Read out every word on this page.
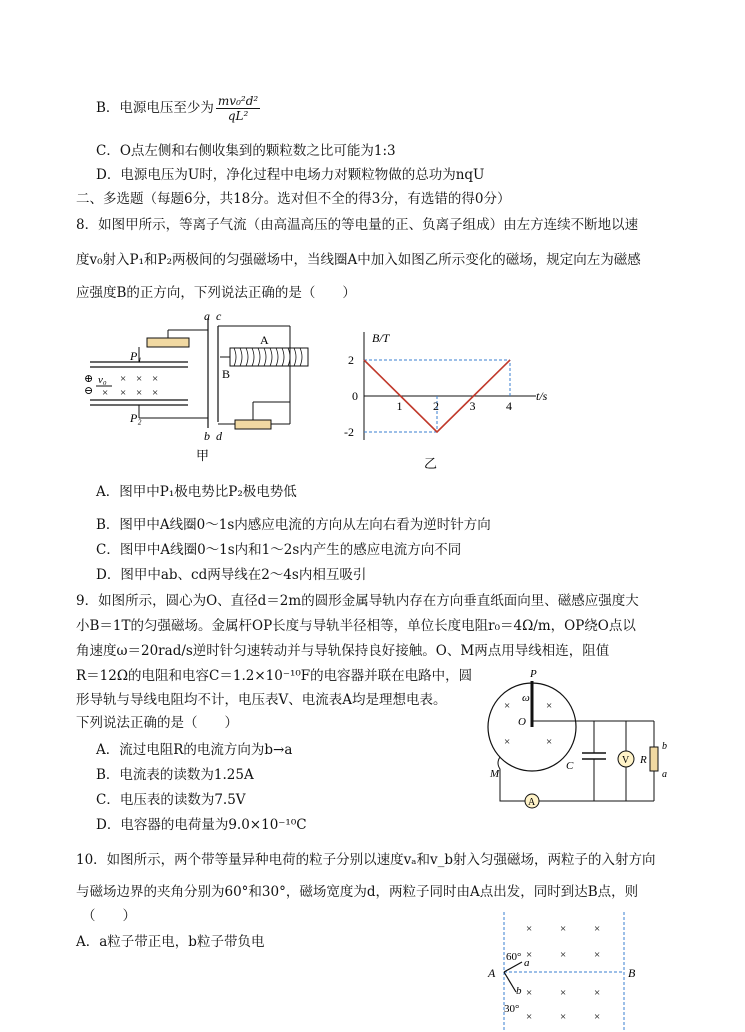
B．电源电压至少为 $\frac{\text{mv₀²d²}}{\text{qL²}}$
C．O点左侧和右侧收集到的颗粒数之比可能为1:3
D．电源电压为U时，净化过程中电场力对颗粒物做的总功为nqU
二、多选题（每题6分，共18分。选对但不全的得3分，有选错的得0分）
8．如图甲所示，等离子气流（由高温高压的等电量的正、负离子组成）由左方连续不断地以速
度v₀射入P₁和P₂两极间的匀强磁场中，当线圈A中加入如图乙所示变化的磁场，规定向左为磁感
应强度B的正方向，下列说法正确的是（　　）
a c
b d
P₁
P₂
⊕
⊖
v₀ × × ×
× × × ×
A
B
甲
B/T
t/s
0
2
-2
1	2	3	4
乙
A．图甲中P₁极电势比P₂极电势低
B．图甲中A线圈0～1s内感应电流的方向从左向右看为逆时针方向
C．图甲中A线圈0～1s内和1～2s内产生的感应电流方向不同
D．图甲中ab、cd两导线在2～4s内相互吸引
9．如图所示，圆心为O、直径d＝2m的圆形金属导轨内存在方向垂直纸面向里、磁感应强度大
小B＝1T的匀强磁场。金属杆OP长度与导轨半径相等，单位长度电阻r₀＝4Ω/m，OP绕O点以
角速度ω＝20rad/s逆时针匀速转动并与导轨保持良好接触。O、M两点用导线相连，阻值
R＝12Ω的电阻和电容C＝1.2×10⁻¹⁰F的电容器并联在电路中，圆
形导轨与导线电阻均不计，电压表V、电流表A均是理想电表。
下列说法正确的是（　　）
A．流过电阻R的电流方向为b→a
B．电流表的读数为1.25A
C．电压表的读数为7.5V
D．电容器的电荷量为9.0×10⁻¹⁰C
P
O
ω
×	×
×	×
M
C	V R
b
a
A
10．如图所示，两个带等量异种电荷的粒子分别以速度vₐ和v_b射入匀强磁场，两粒子的入射方向
与磁场边界的夹角分别为60°和30°，磁场宽度为d，两粒子同时由A点出发，同时到达B点，则
（　　）
A．a粒子带正电，b粒子带负电
×	×	×
×	×	×
×	×	×
×	×	×
A	B
a
b
60°
30°
